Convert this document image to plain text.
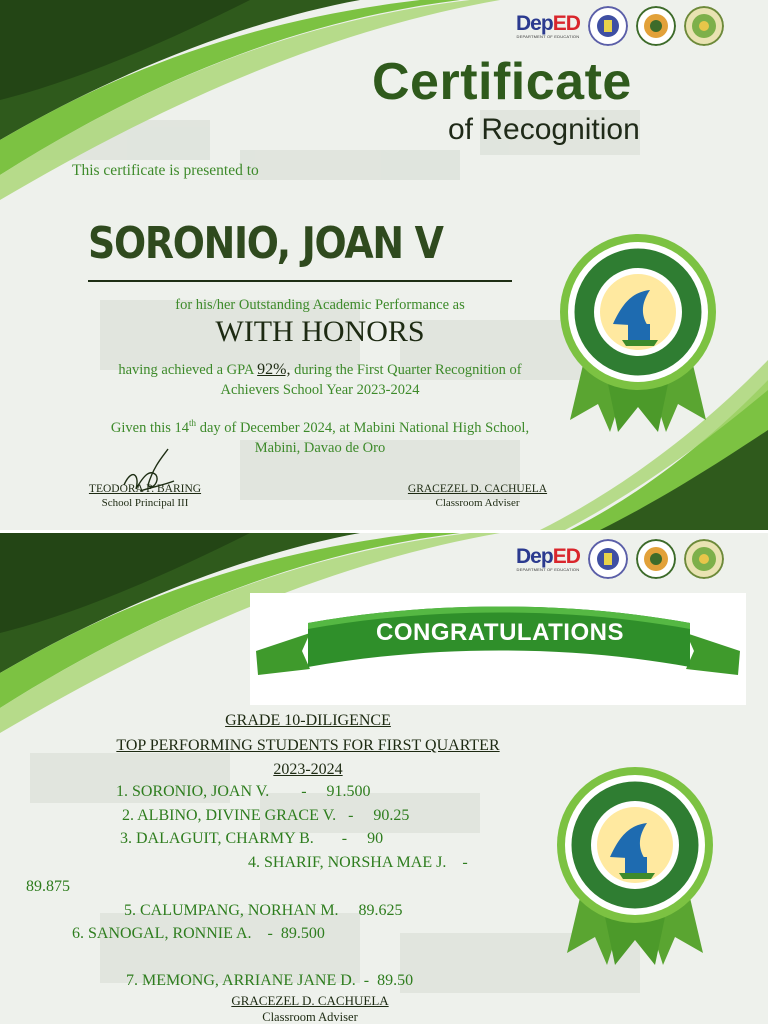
DepED
DEPARTMENT OF EDUCATION
Certificate
of Recognition
This certificate is presented to
SORONIO, JOAN V
for his/her Outstanding Academic Performance as
WITH HONORS
having achieved a GPA 92%, during the First Quarter Recognition of
Achievers School Year 2023-2024
Given this 14th day of December 2024, at Mabini National High School,
Mabini, Davao de Oro
TEODORA P. BARING
School Principal III
GRACEZEL D. CACHUELA
Classroom Adviser
DepED
DEPARTMENT OF EDUCATION
CONGRATULATIONS
GRADE 10-DILIGENCE
TOP PERFORMING STUDENTS FOR FIRST QUARTER
2023-2024
1. SORONIO, JOAN V.        -     91.500
2. ALBINO, DIVINE GRACE V.   -     90.25
3. DALAGUIT, CHARMY B.       -     90
4. SHARIF, NORSHA MAE J.    -
89.875
5. CALUMPANG, NORHAN M.     89.625
6. SANOGAL, RONNIE A.    -  89.500
7. MEMONG, ARRIANE JANE D.  -  89.50
GRACEZEL D. CACHUELA
Classroom Adviser
